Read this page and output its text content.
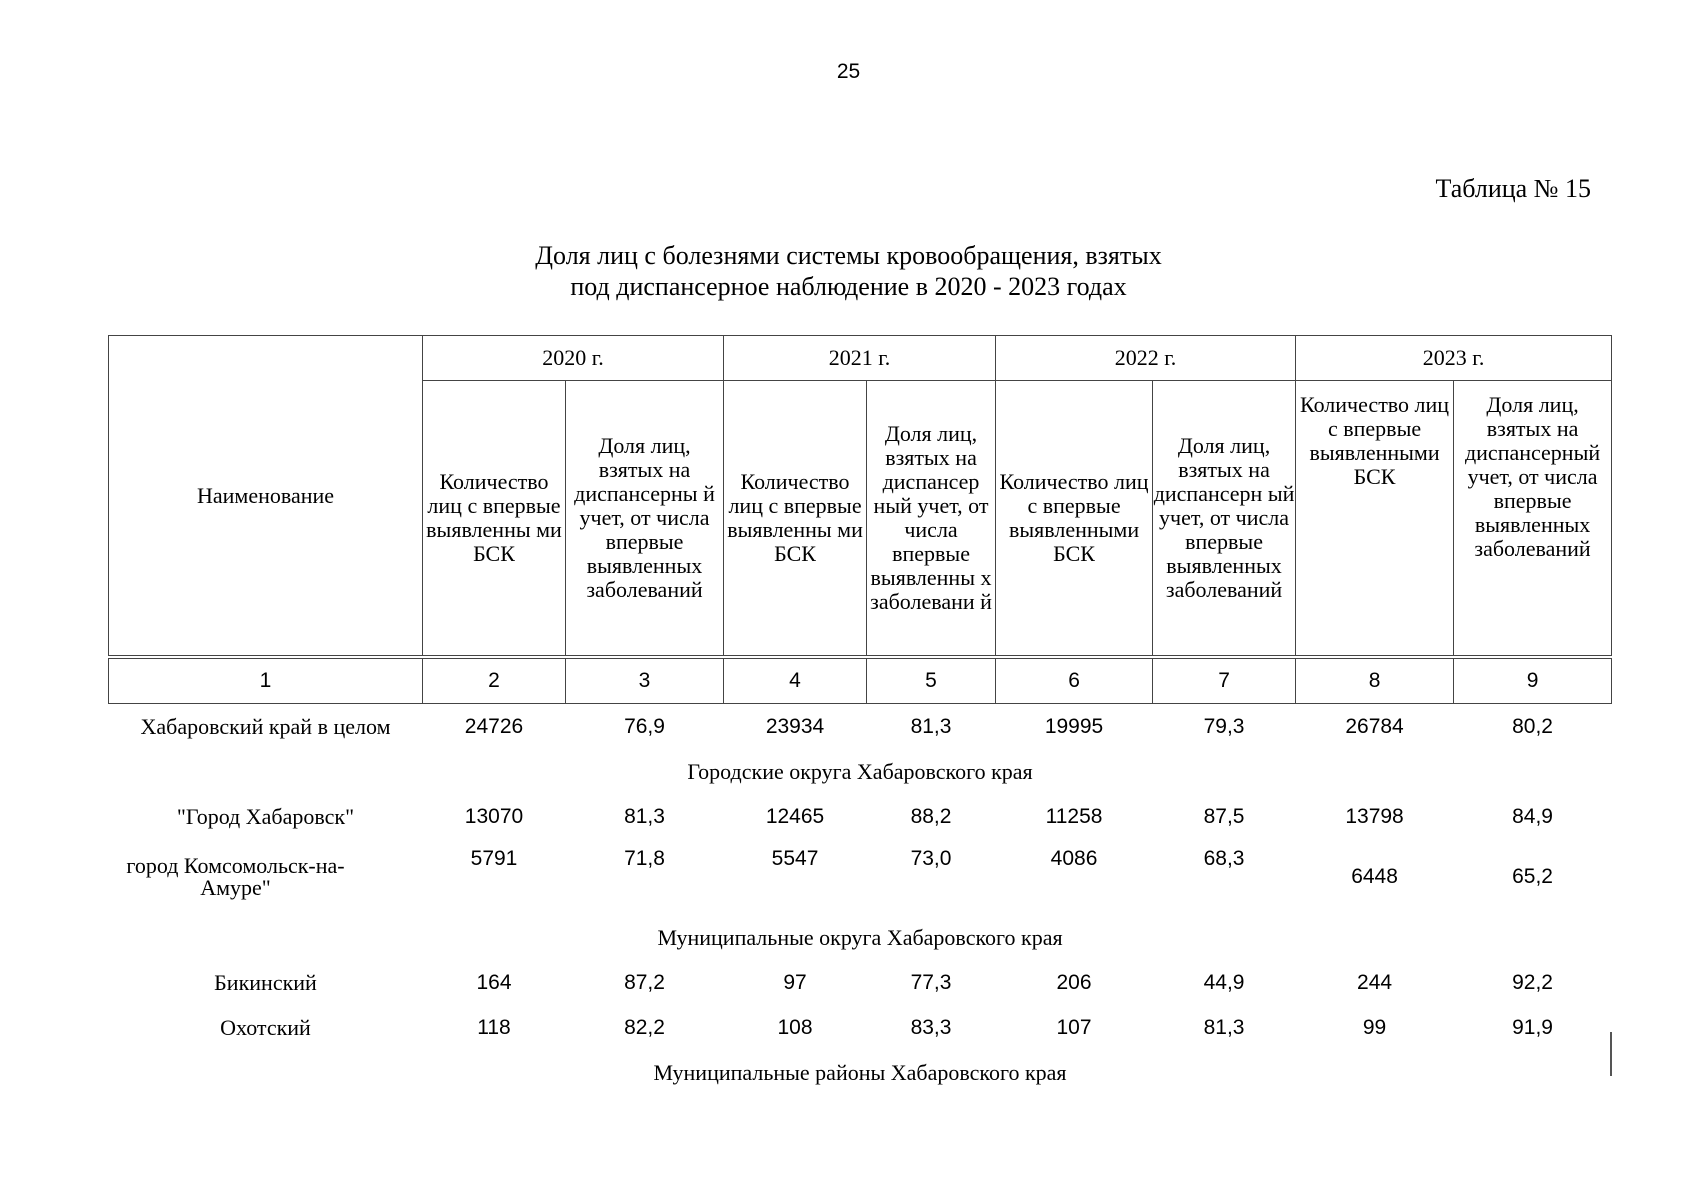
25
Таблица № 15
Доля лиц с болезнями системы кровообращения, взятых
под диспансерное наблюдение в 2020 - 2023 годах
Наименование	2020 г.		2021 г.		2022 г.		2023 г.	
	Количество лиц с впервые выявленны ми БСК	Доля лиц, взятых на диспансерны й учет, от числа впервые выявленных заболеваний	Количество лиц с впервые выявленны ми БСК	Доля лиц, взятых на диспансер ный учет, от числа впервые выявленны х заболевани й	Количество лиц с впервые выявленными БСК	Доля лиц, взятых на диспансерн ый учет, от числа впервые выявленных заболеваний	Количество лиц с впервые выявленными БСК	Доля лиц, взятых на диспансерный учет, от числа впервые выявленных заболеваний
1	2	3	4	5	6	7	8	9
Хабаровский край в целом	24726	76,9	23934	81,3	19995	79,3	26784	80,2
Городские округа Хабаровского края								
"Город Хабаровск"	13070	81,3	12465	88,2	11258	87,5	13798	84,9
город Комсомольск-на-Амуре"	5791	71,8	5547	73,0	4086	68,3	6448	65,2
Муниципальные округа Хабаровского края								
Бикинский	164	87,2	97	77,3	206	44,9	244	92,2
Охотский	118	82,2	108	83,3	107	81,3	99	91,9
Муниципальные районы Хабаровского края								
